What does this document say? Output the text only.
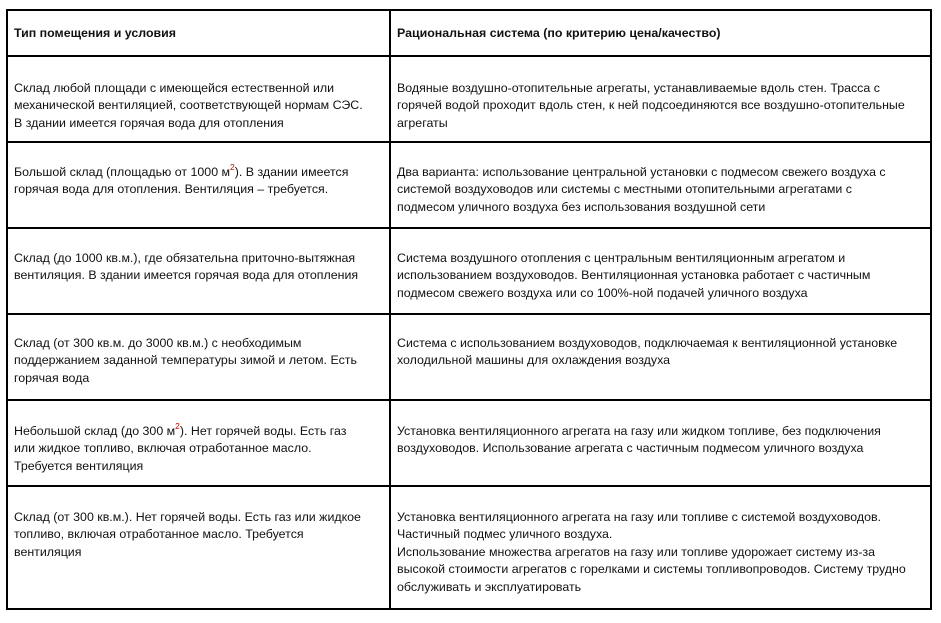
Тип помещения и условия	Рациональная система (по критерию цена/качество)
Склад любой площади с имеющейся естественной или
механической вентиляцией, соответствующей нормам СЭС.
В здании имеется горячая вода для отопления
Водяные воздушно-отопительные агрегаты, устанавливаемые вдоль стен. Трасса с
горячей водой проходит вдоль стен, к ней подсоединяются все воздушно-отопительные
агрегаты
Большой склад (площадью от 1000 $м^2$). В здании имеется
горячая вода для отопления. Вентиляция – требуется.
Два варианта: использование центральной установки с подмесом свежего воздуха с
системой воздуховодов или системы с местными отопительными агрегатами с
подмесом уличного воздуха без использования воздушной сети
Склад (до 1000 кв.м.), где обязательна приточно-вытяжная
вентиляция. В здании имеется горячая вода для отопления
Система воздушного отопления с центральным вентиляционным агрегатом и
использованием воздуховодов. Вентиляционная установка работает с частичным
подмесом свежего воздуха или со 100%-ной подачей уличного воздуха
Склад (от 300 кв.м. до 3000 кв.м.) с необходимым
поддержанием заданной температуры зимой и летом. Есть
горячая вода
Система с использованием воздуховодов, подключаемая к вентиляционной установке
холодильной машины для охлаждения воздуха
Небольшой склад (до 300 $м^2$). Нет горячей воды. Есть газ
или жидкое топливо, включая отработанное масло.
Требуется вентиляция
Установка вентиляционного агрегата на газу или жидком топливе, без подключения
воздуховодов. Использование агрегата с частичным подмесом уличного воздуха
Склад (от 300 кв.м.). Нет горячей воды. Есть газ или жидкое
топливо, включая отработанное масло. Требуется
вентиляция
Установка вентиляционного агрегата на газу или топливе с системой воздуховодов.
Частичный подмес уличного воздуха.
Использование множества агрегатов на газу или топливе удорожает систему из-за
высокой стоимости агрегатов с горелками и системы топливопроводов. Систему трудно
обслуживать и эксплуатировать
